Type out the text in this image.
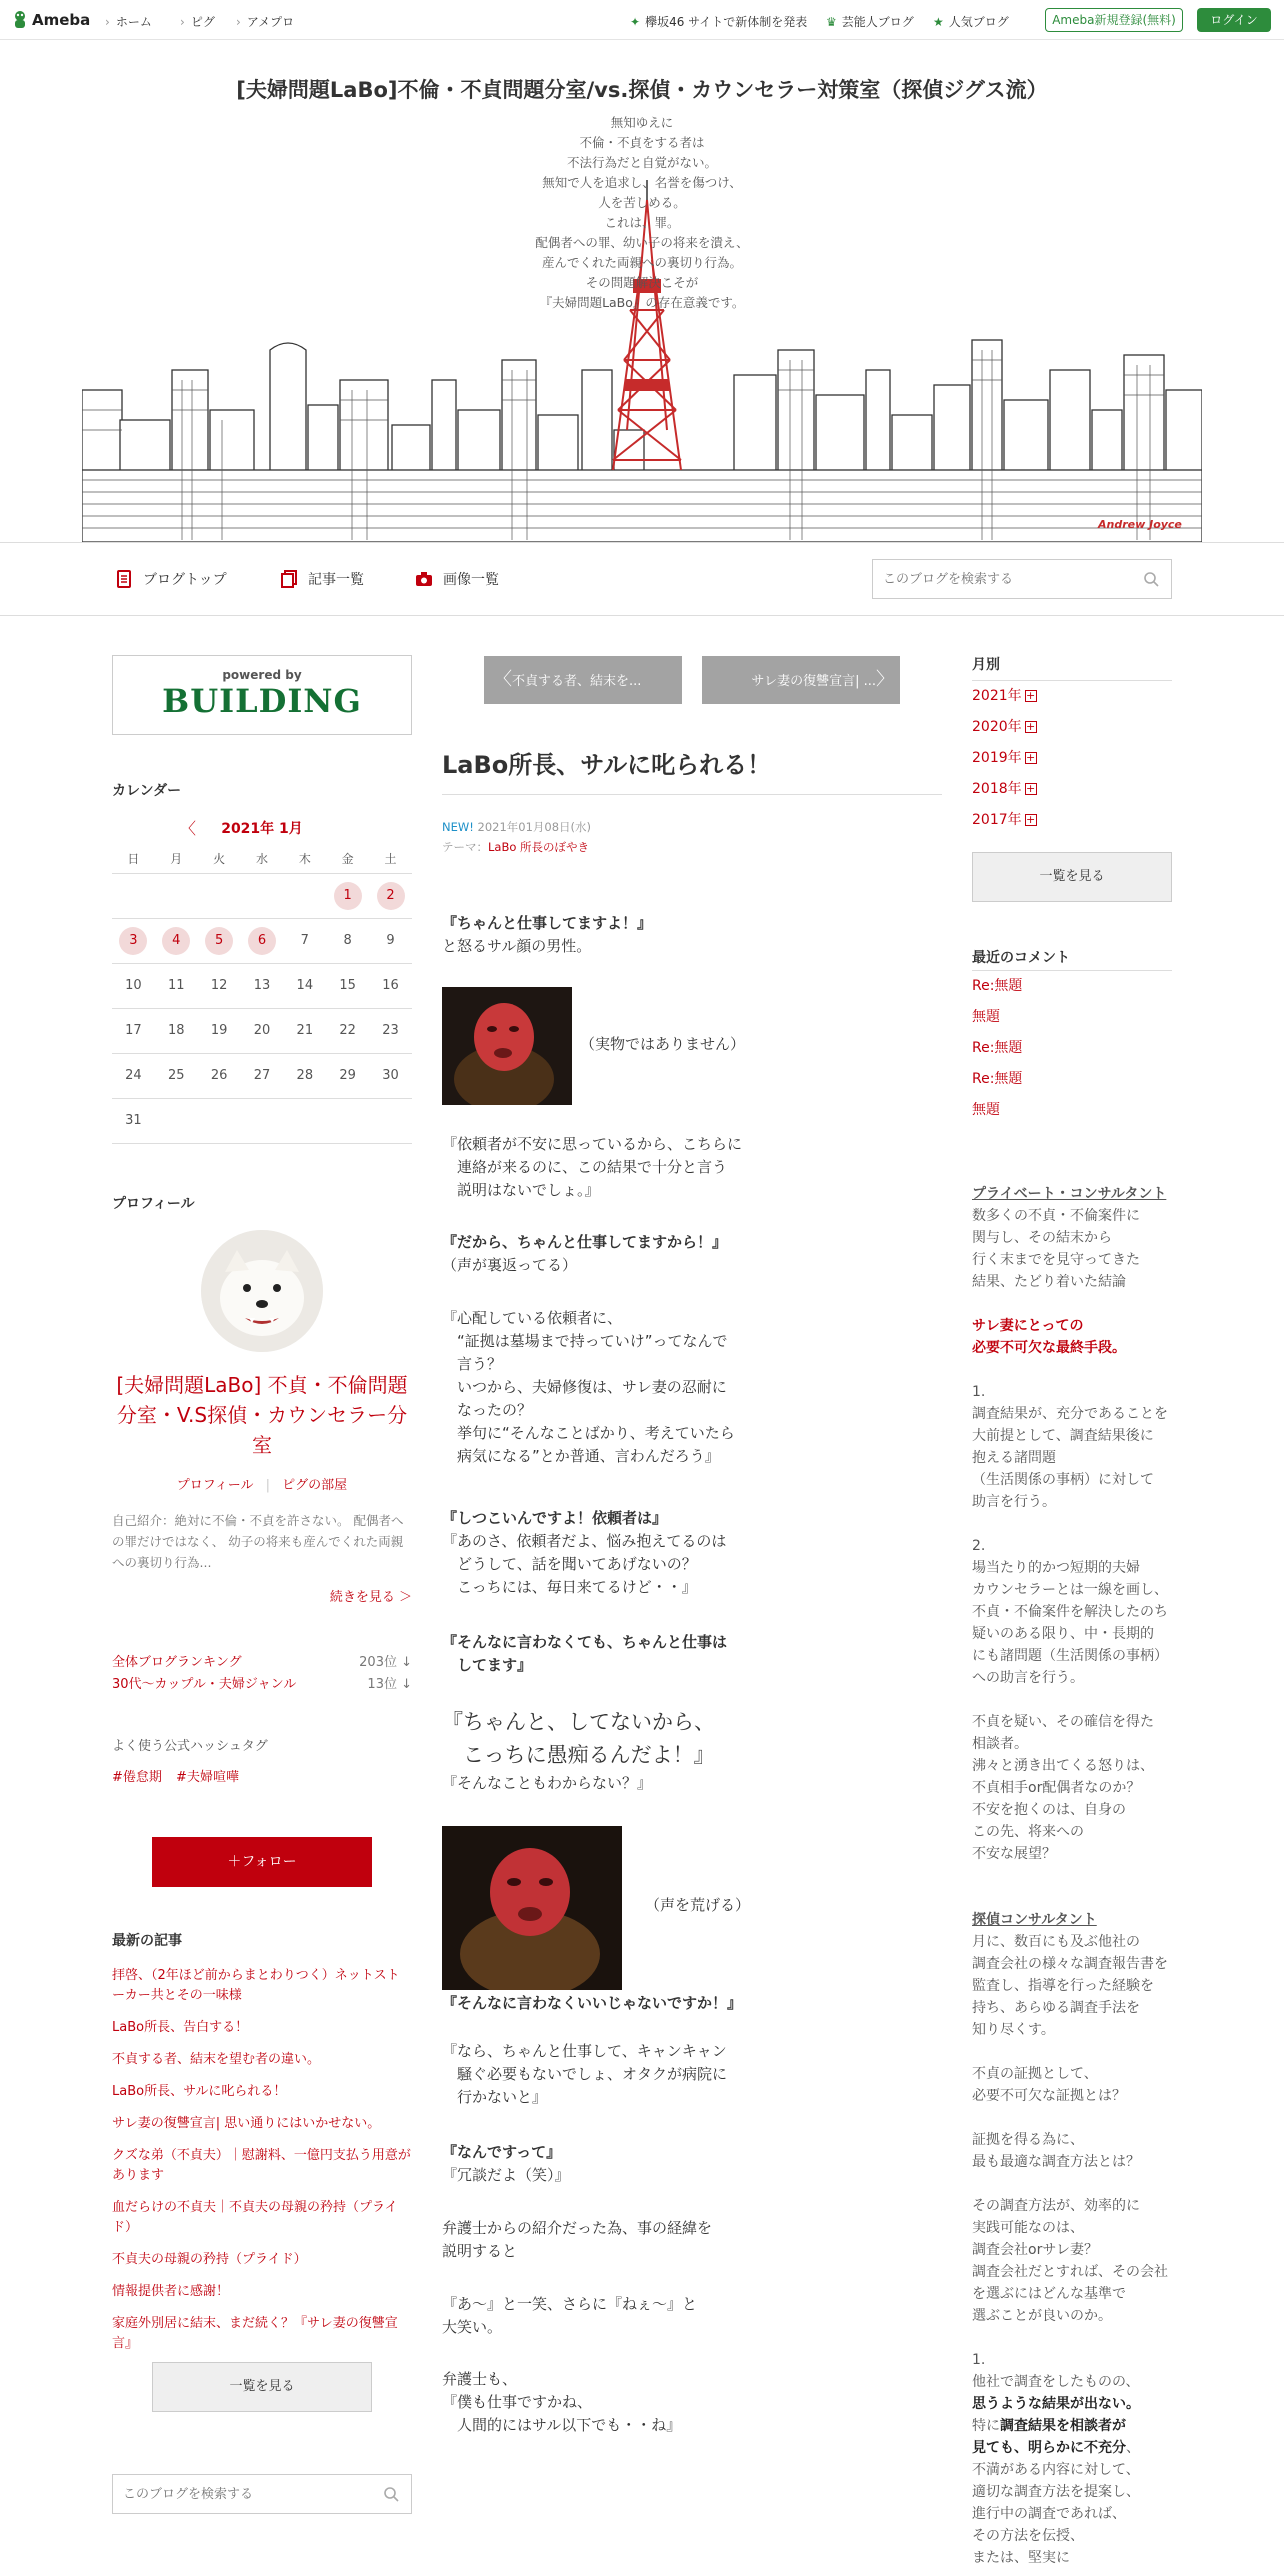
Ameba	› ホーム	› ピグ	› アメプロ	✦ 欅坂46 サイトで新体制を発表 ♛ 芸能人ブログ ★ 人気ブログ	Ameba新規登録(無料)	ログイン
[夫婦問題LaBo]不倫・不貞問題分室/vs.探偵・カウンセラー対策室（探偵ジグス流）
無知ゆえに
不倫・不貞をする者は
不法行為だと自覚がない。
無知で人を追求し、名誉を傷つけ、
人を苦しめる。
これは、罪。
配偶者への罪、幼い子の将来を潰え、
産んでくれた両親への裏切り行為。
その問題解決こそが
『夫婦問題LaBo』の存在意義です。
Andrew Joyce
ブログトップ	記事一覧	画像一覧
このブログを検索する
powered by
BUILDING
カレンダー
〈	2021年 1月
日	月	火	水	木	金	土
					1	2
3	4	5	6	7	8	9
10	11	12	13	14	15	16
17	18	19	20	21	22	23
24	25	26	27	28	29	30
31						
プロフィール
[夫婦問題LaBo] 不貞・不倫問題分室・V.S探偵・カウンセラー分室
プロフィール | ピグの部屋
自己紹介：絶対に不倫・不貞を許さない。 配偶者への罪だけではなく、 幼子の将来も産んでくれた両親への裏切り行為...
続きを見る ＞
全体ブログランキング	203位 ↓
30代〜カップル・夫婦ジャンル	13位 ↓
よく使う公式ハッシュタグ
#倦怠期 #夫婦喧嘩
＋フォロー
最新の記事
拝啓、（2年ほど前からまとわりつく）ネットストーカー共とその一味様
LaBo所長、告白する！
不貞する者、結末を望む者の違い。
LaBo所長、サルに叱られる！
サレ妻の復讐宣言| 思い通りにはいかせない。
クズな弟（不貞夫）｜慰謝料、一億円支払う用意があります
血だらけの不貞夫｜不貞夫の母親の矜持（プライド）
不貞夫の母親の矜持（プライド）
情報提供者に感謝！
家庭外別居に結末、まだ続く？『サレ妻の復讐宣言』
一覧を見る
このブログを検索する
〈不貞する者、結末を...	サレ妻の復讐宣言| ...〉
LaBo所長、サルに叱られる！
NEW! 2021年01月08日(水)
テーマ：LaBo 所長のぼやき
『ちゃんと仕事してますよ！』
と怒るサル顔の男性。
（実物ではありません）
『依頼者が不安に思っているから、こちらに
　連絡が来るのに、この結果で十分と言う
　説明はないでしょ。』
『だから、ちゃんと仕事してますから！』
（声が裏返ってる）
『心配している依頼者に、
　“証拠は墓場まで持っていけ”ってなんで
　言う？
　いつから、夫婦修復は、サレ妻の忍耐に
　なったの？
　挙句に“そんなことばかり、考えていたら
　病気になる”とか普通、言わんだろう』
『しつこいんですよ！依頼者は』
『あのさ、依頼者だよ、悩み抱えてるのは
　どうして、話を聞いてあげないの？
　こっちには、毎日来てるけど・・』
『そんなに言わなくても、ちゃんと仕事は
　してます』
『ちゃんと、してないから、
　こっちに愚痴るんだよ！』
『そんなこともわからない？』
（声を荒げる）
『そんなに言わなくいいじゃないですか！』
『なら、ちゃんと仕事して、キャンキャン
　騒ぐ必要もないでしょ、オタクが病院に
　行かないと』
『なんですって』
『冗談だよ（笑）』
弁護士からの紹介だった為、事の経緯を
説明すると
『あ〜』と一笑、さらに『ねぇ〜』と
大笑い。
弁護士も、
『僕も仕事ですかね、
　人間的にはサル以下でも・・ね』
月別
2021年 +
2020年 +
2019年 +
2018年 +
2017年 +
一覧を見る
最近のコメント
Re:無題
無題
Re:無題
Re:無題
無題
プライベート・コンサルタント
数多くの不貞・不倫案件に
関与し、その結末から
行く末までを見守ってきた
結果、たどり着いた結論
サレ妻にとっての
必要不可欠な最終手段。
1.
調査結果が、充分であることを
大前提として、調査結果後に
抱える諸問題
（生活関係の事柄）に対して
助言を行う。
2.
場当たり的かつ短期的夫婦
カウンセラーとは一線を画し、
不貞・不倫案件を解決したのち
疑いのある限り、中・長期的
にも諸問題（生活関係の事柄）
への助言を行う。
不貞を疑い、その確信を得た
相談者。
沸々と湧き出てくる怒りは、
不貞相手or配偶者なのか？
不安を抱くのは、自身の
この先、将来への
不安な展望？
探偵コンサルタント
月に、数百にも及ぶ他社の
調査会社の様々な調査報告書を
監査し、指導を行った経験を
持ち、あらゆる調査手法を
知り尽くす。
不貞の証拠として、
必要不可欠な証拠とは？
証拠を得る為に、
最も最適な調査方法とは？
その調査方法が、効率的に
実践可能なのは、
調査会社orサレ妻？
調査会社だとすれば、その会社
を選ぶにはどんな基準で
選ぶことが良いのか。
1.
他社で調査をしたものの、
思うような結果が出ない。
特に調査結果を相談者が
見ても、明らかに不充分、
不満がある内容に対して、
適切な調査方法を提案し、
進行中の調査であれば、
その方法を伝授、
または、堅実に
